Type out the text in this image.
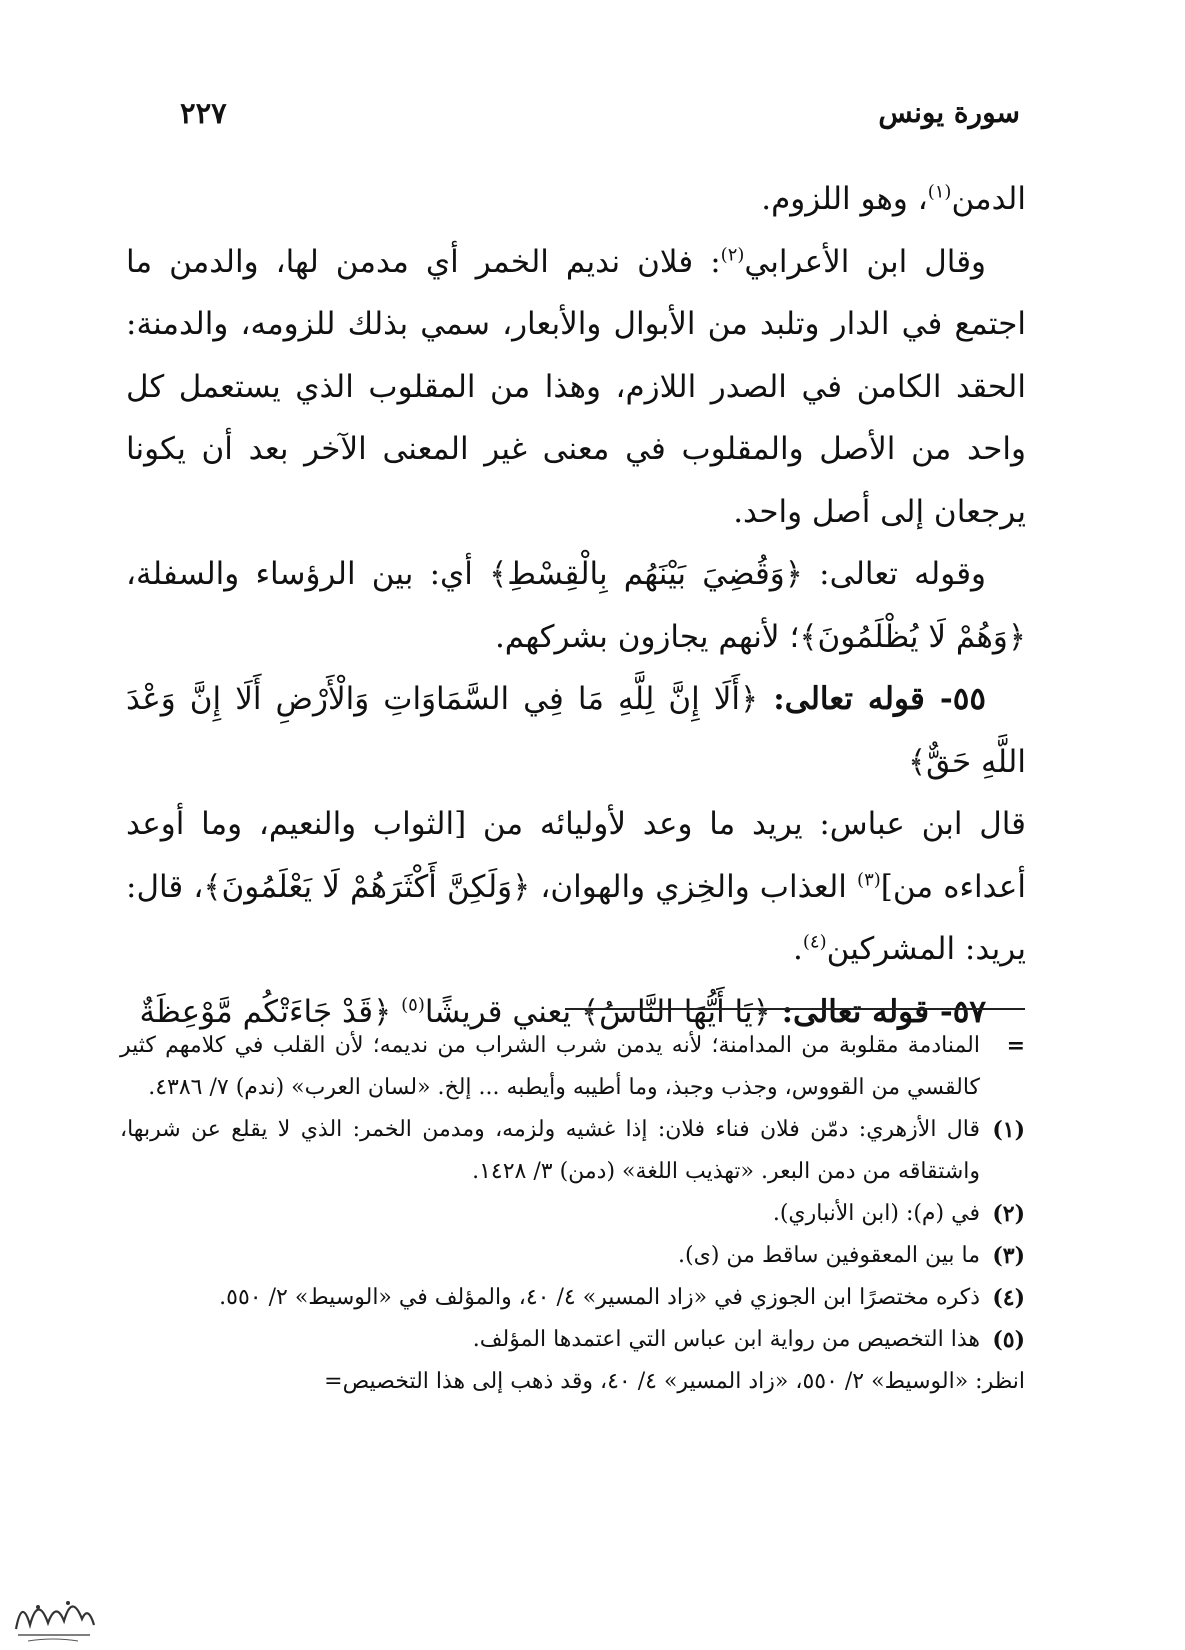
٢٢٧	سورة يونس

الدمن$^{(١)}$، وهو اللزوم.

وقال ابن الأعرابي$^{(٢)}$: فلان نديم الخمر أي مدمن لها، والدمن ما اجتمع في الدار وتلبد من الأبوال والأبعار، سمي بذلك للزومه، والدمنة: الحقد الكامن في الصدر اللازم، وهذا من المقلوب الذي يستعمل كل واحد من الأصل والمقلوب في معنى غير المعنى الآخر بعد أن يكونا يرجعان إلى أصل واحد.

وقوله تعالى: ﴿وَقُضِيَ بَيْنَهُم بِالْقِسْطِ﴾ أي: بين الرؤساء والسفلة، ﴿وَهُمْ لَا يُظْلَمُونَ﴾؛ لأنهم يجازون بشركهم.

٥٥- قوله تعالى: ﴿أَلَا إِنَّ لِلَّهِ مَا فِي السَّمَاوَاتِ وَالْأَرْضِ أَلَا إِنَّ وَعْدَ اللَّهِ حَقٌّ﴾

قال ابن عباس: يريد ما وعد لأوليائه من [الثواب والنعيم، وما أوعد أعداءه من]$^{(٣)}$ العذاب والخِزي والهوان، ﴿وَلَكِنَّ أَكْثَرَهُمْ لَا يَعْلَمُونَ﴾، قال: يريد: المشركين$^{(٤)}$.

٥٧- قوله تعالى: ﴿يَا أَيُّهَا النَّاسُ﴾ يعني قريشًا$^{(٥)}$ ﴿قَدْ جَاءَتْكُم مَّوْعِظَةٌ

=
المنادمة مقلوبة من المدامنة؛ لأنه يدمن شرب الشراب من نديمه؛ لأن القلب في كلامهم كثير كالقسي من القووس، وجذب وجبذ، وما أطيبه وأيطبه ... إلخ. «لسان العرب» (ندم) ٧/ ٤٣٨٦.
(١)
قال الأزهري: دمّن فلان فناء فلان: إذا غشيه ولزمه، ومدمن الخمر: الذي لا يقلع عن شربها، واشتقاقه من دمن البعر. «تهذيب اللغة» (دمن) ٣/ ١٤٢٨.
(٢)
في (م): (ابن الأنباري).
(٣)
ما بين المعقوفين ساقط من (ى).
(٤)
ذكره مختصرًا ابن الجوزي في «زاد المسير» ٤/ ٤٠، والمؤلف في «الوسيط» ٢/ ٥٥٠.
(٥)
هذا التخصيص من رواية ابن عباس التي اعتمدها المؤلف.
انظر: «الوسيط» ٢/ ٥٥٠، «زاد المسير» ٤/ ٤٠، وقد ذهب إلى هذا التخصيص=
